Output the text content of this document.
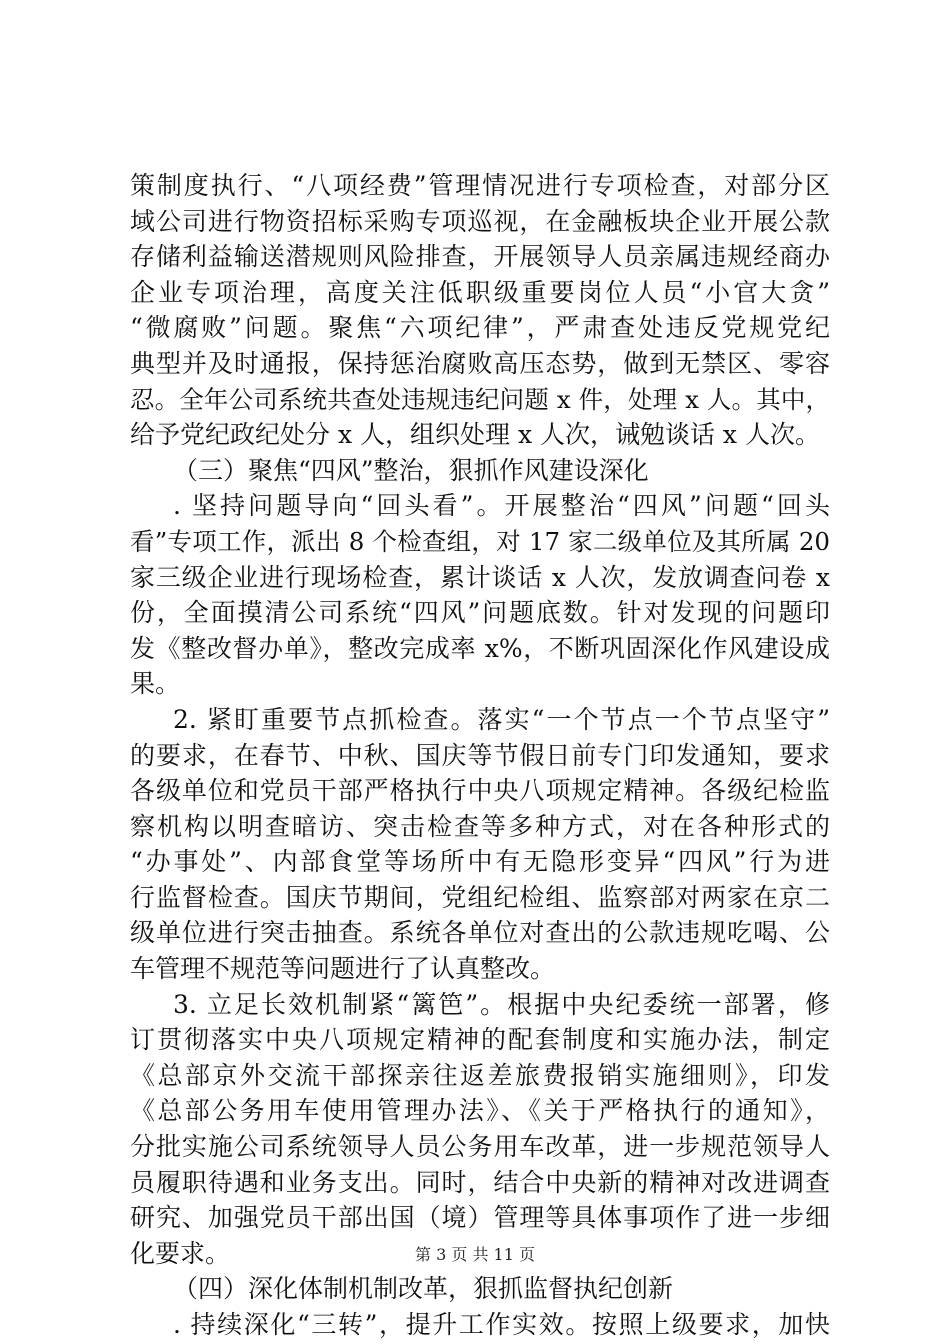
策制度执行、“八项经费”管理情况进行专项检查，对部分区
域公司进行物资招标采购专项巡视，在金融板块企业开展公款
存储利益输送潜规则风险排查，开展领导人员亲属违规经商办
企业专项治理，高度关注低职级重要岗位人员“小官大贪”
“微腐败”问题。聚焦“六项纪律”，严肃查处违反党规党纪
典型并及时通报，保持惩治腐败高压态势，做到无禁区、零容
忍。全年公司系统共查处违规违纪问题 x 件，处理 x 人。其中，
给予党纪政纪处分 x 人，组织处理 x 人次，诫勉谈话 x 人次。
（三）聚焦“四风”整治，狠抓作风建设深化
. 坚持问题导向“回头看”。开展整治“四风”问题“回头
看”专项工作，派出 8 个检查组，对 17 家二级单位及其所属 20
家三级企业进行现场检查，累计谈话 x 人次，发放调查问卷 x
份，全面摸清公司系统“四风”问题底数。针对发现的问题印
发《整改督办单》，整改完成率 x%，不断巩固深化作风建设成
果。
2. 紧盯重要节点抓检查。落实“一个节点一个节点坚守”
的要求，在春节、中秋、国庆等节假日前专门印发通知，要求
各级单位和党员干部严格执行中央八项规定精神。各级纪检监
察机构以明查暗访、突击检查等多种方式，对在各种形式的
“办事处”、内部食堂等场所中有无隐形变异“四风”行为进
行监督检查。国庆节期间，党组纪检组、监察部对两家在京二
级单位进行突击抽查。系统各单位对查出的公款违规吃喝、公
车管理不规范等问题进行了认真整改。
3. 立足长效机制紧“篱笆”。根据中央纪委统一部署，修
订贯彻落实中央八项规定精神的配套制度和实施办法，制定
《总部京外交流干部探亲往返差旅费报销实施细则》，印发
《总部公务用车使用管理办法》、《关于严格执行的通知》，
分批实施公司系统领导人员公务用车改革，进一步规范领导人
员履职待遇和业务支出。同时，结合中央新的精神对改进调查
研究、加强党员干部出国（境）管理等具体事项作了进一步细
化要求。
（四）深化体制机制改革，狠抓监督执纪创新
. 持续深化“三转”，提升工作实效。按照上级要求，加快
第 3 页 共 11 页
